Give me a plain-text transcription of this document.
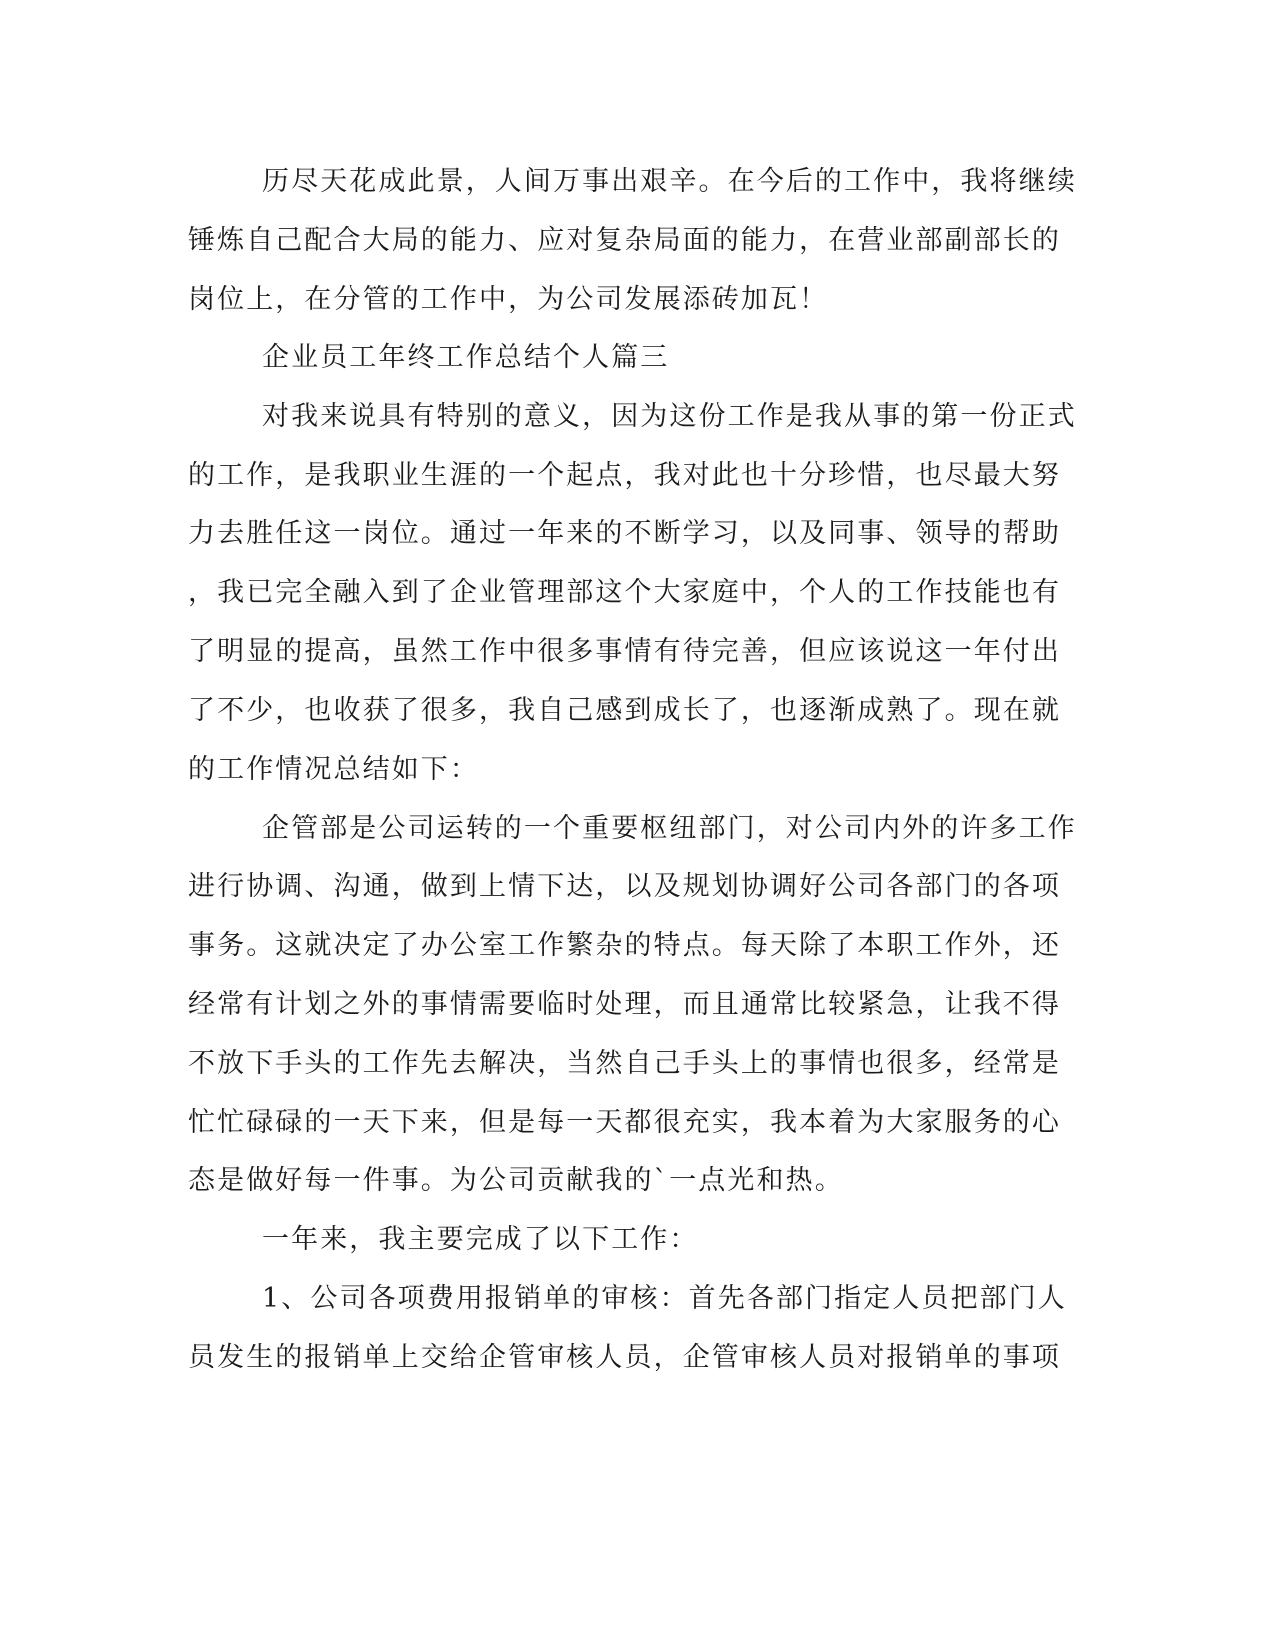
历尽天花成此景，人间万事出艰辛。在今后的工作中，我将继续
锤炼自己配合大局的能力、应对复杂局面的能力，在营业部副部长的
岗位上，在分管的工作中，为公司发展添砖加瓦！
企业员工年终工作总结个人篇三
对我来说具有特别的意义，因为这份工作是我从事的第一份正式
的工作，是我职业生涯的一个起点，我对此也十分珍惜，也尽最大努
力去胜任这一岗位。通过一年来的不断学习，以及同事、领导的帮助
，我已完全融入到了企业管理部这个大家庭中，个人的工作技能也有
了明显的提高，虽然工作中很多事情有待完善，但应该说这一年付出
了不少，也收获了很多，我自己感到成长了，也逐渐成熟了。现在就
的工作情况总结如下：
企管部是公司运转的一个重要枢纽部门，对公司内外的许多工作
进行协调、沟通，做到上情下达，以及规划协调好公司各部门的各项
事务。这就决定了办公室工作繁杂的特点。每天除了本职工作外，还
经常有计划之外的事情需要临时处理，而且通常比较紧急，让我不得
不放下手头的工作先去解决，当然自己手头上的事情也很多，经常是
忙忙碌碌的一天下来，但是每一天都很充实，我本着为大家服务的心
态是做好每一件事。为公司贡献我的`一点光和热。
一年来，我主要完成了以下工作：
1、公司各项费用报销单的审核：首先各部门指定人员把部门人
员发生的报销单上交给企管审核人员，企管审核人员对报销单的事项
